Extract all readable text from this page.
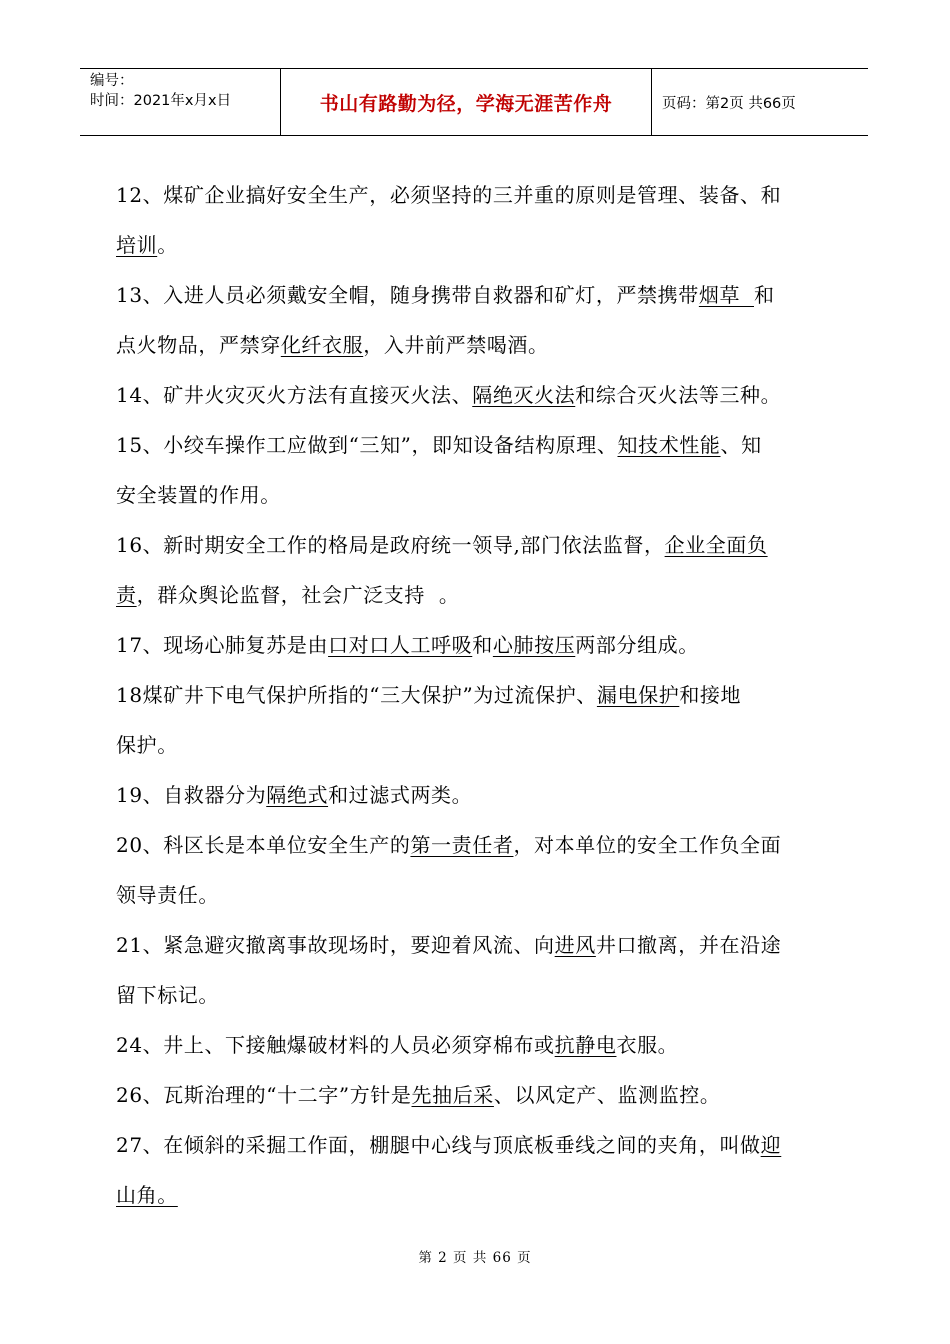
编号：
时间：2021年x月x日	书山有路勤为径，学海无涯苦作舟	页码：第2页 共66页
12、煤矿企业搞好安全生产，必须坚持的三并重的原则是管理、装备、和
培训。
13、入进人员必须戴安全帽，随身携带自救器和矿灯，严禁携带烟草  和
点火物品，严禁穿化纤衣服，入井前严禁喝酒。
14、矿井火灾灭火方法有直接灭火法、隔绝灭火法和综合灭火法等三种。
15、小绞车操作工应做到“三知”，即知设备结构原理、知技术性能、知
安全装置的作用。
16、新时期安全工作的格局是政府统一领导,部门依法监督，企业全面负
责，群众舆论监督，社会广泛支持  。
17、现场心肺复苏是由口对口人工呼吸和心肺按压两部分组成。
18煤矿井下电气保护所指的“三大保护”为过流保护、漏电保护和接地
保护。
19、自救器分为隔绝式和过滤式两类。
20、科区长是本单位安全生产的第一责任者，对本单位的安全工作负全面
领导责任。
21、紧急避灾撤离事故现场时，要迎着风流、向进风井口撤离，并在沿途
留下标记。
24、井上、下接触爆破材料的人员必须穿棉布或抗静电衣服。
26、瓦斯治理的“十二字”方针是先抽后采、以风定产、监测监控。
27、在倾斜的采掘工作面，棚腿中心线与顶底板垂线之间的夹角，叫做迎
山角。
第 2 页 共 66 页
